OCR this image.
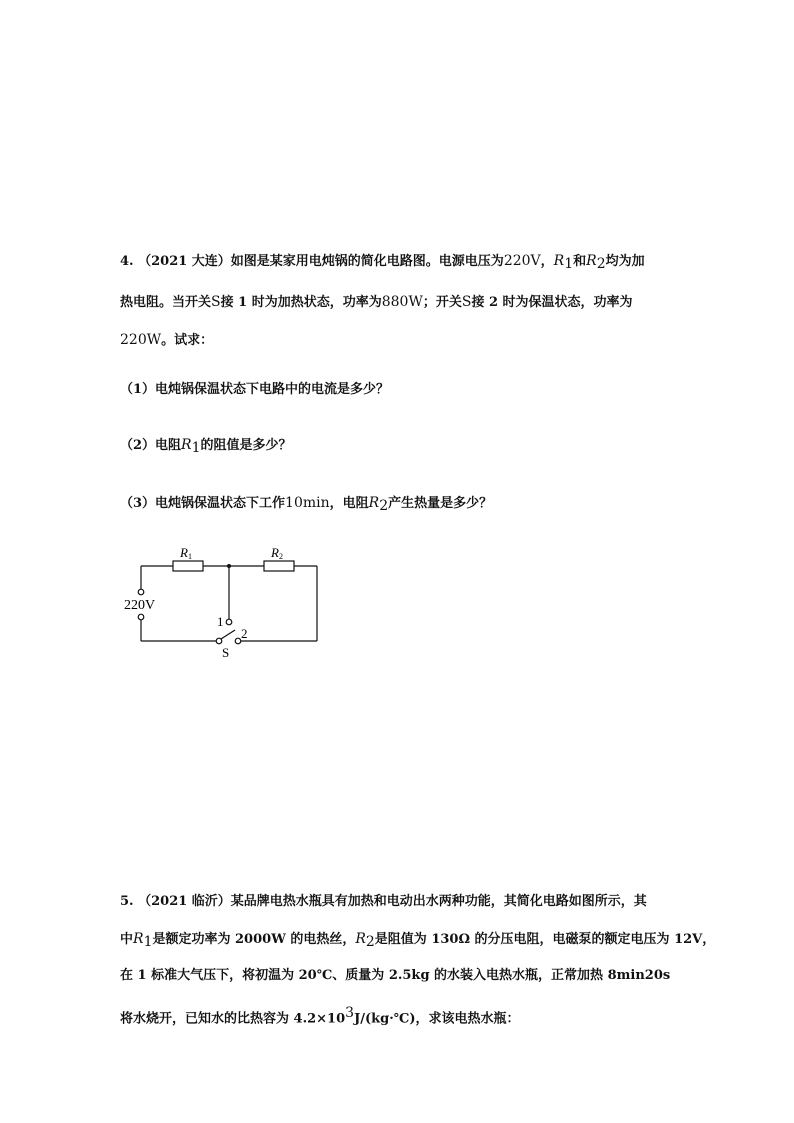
4. （2021 大连）如图是某家用电炖锅的简化电路图。电源电压为220V，$R_1$和$R_2$均为加
热电阻。当开关S接 1 时为加热状态，功率为880W；开关S接 2 时为保温状态，功率为
220W。试求：
（1）电炖锅保温状态下电路中的电流是多少？
（2）电阻$R_1$的阻值是多少？
（3）电炖锅保温状态下工作10min，电阻$R_2$产生热量是多少？
R1	R2
220V
1
2
S
5. （2021 临沂）某品牌电热水瓶具有加热和电动出水两种功能，其简化电路如图所示，其
中$R_1$是额定功率为 2000W 的电热丝，$R_2$是阻值为 130Ω 的分压电阻，电磁泵的额定电压为 12V，
在 1 标准大气压下，将初温为 20℃、质量为 2.5kg 的水装入电热水瓶，正常加热 8min20s
将水烧开，已知水的比热容为 $4.2\times 10^3J/(kg\cdot℃)$，求该电热水瓶：
